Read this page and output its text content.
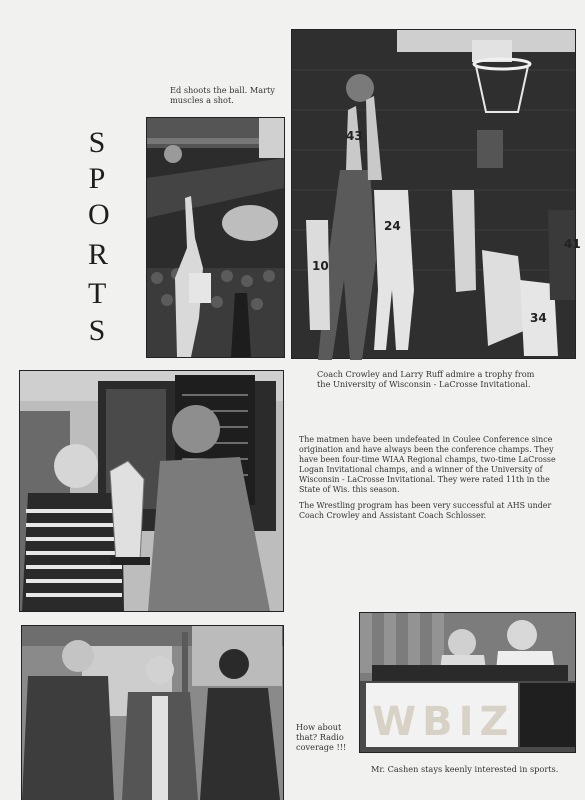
S
P
O
R
T
S
Ed shoots the ball. Marty
muscles a shot.
43
24
34
41
10
Coach Crowley and Larry Ruff admire a trophy from
the University of Wisconsin - LaCrosse Invitational.

The matmen have been undefeated in Coulee Conference since origination and have always been the conference champs. They have been four-time WIAA Regional champs, two-time LaCrosse Logan Invitational champs, and a winner of the University of Wisconsin - LaCrosse Invitational. They were rated 11th in the State of Wis. this season.

The Wrestling program has been very successful at AHS under Coach Crowley and Assistant Coach Schlosser.

How about
that? Radio
coverage !!!
WBIZ
Mr. Cashen stays keenly interested in sports.
